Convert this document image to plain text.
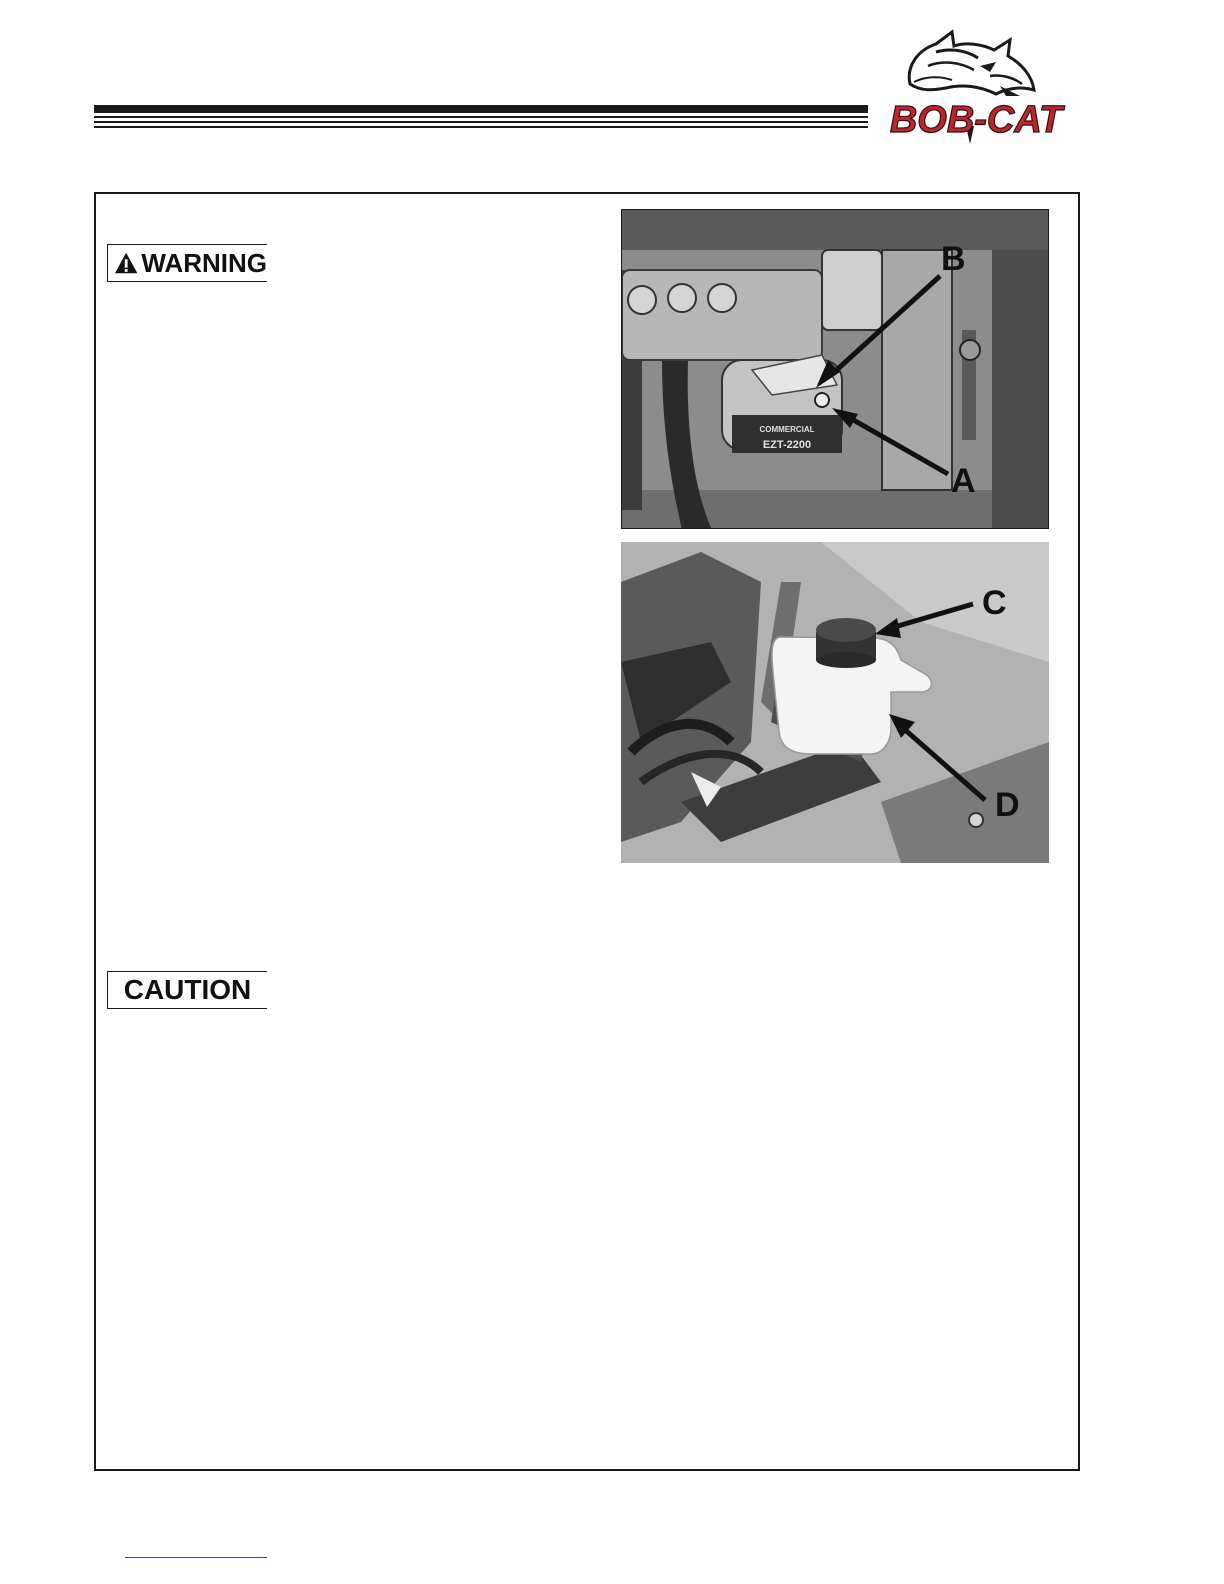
BOB-CAT
WARNING
COMMERCIAL
EZT-2200
B
A
C
D
CAUTION
